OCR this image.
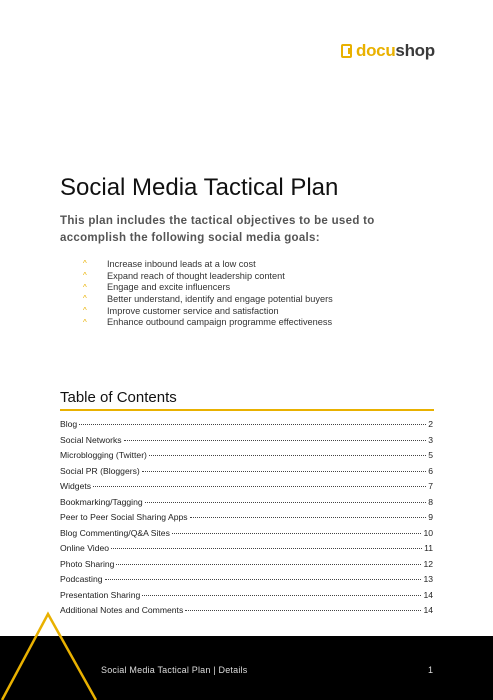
docushop
Social Media Tactical Plan

This plan includes the tactical objectives to be used to accomplish the following social media goals:

^	Increase inbound leads at a low cost
^	Expand reach of thought leadership content
^	Engage and excite influencers
^	Better understand, identify and engage potential buyers
^	Improve customer service and satisfaction
^	Enhance outbound campaign programme effectiveness
Table of Contents
Blog	2
Social Networks	3
Microblogging (Twitter)	5
Social PR (Bloggers)	6
Widgets	7
Bookmarking/Tagging	8
Peer to Peer Social Sharing Apps	9
Blog Commenting/Q&A Sites	10
Online Video	11
Photo Sharing	12
Podcasting	13
Presentation Sharing	14
Additional Notes and Comments	14
Social Media Tactical Plan | Details	1
